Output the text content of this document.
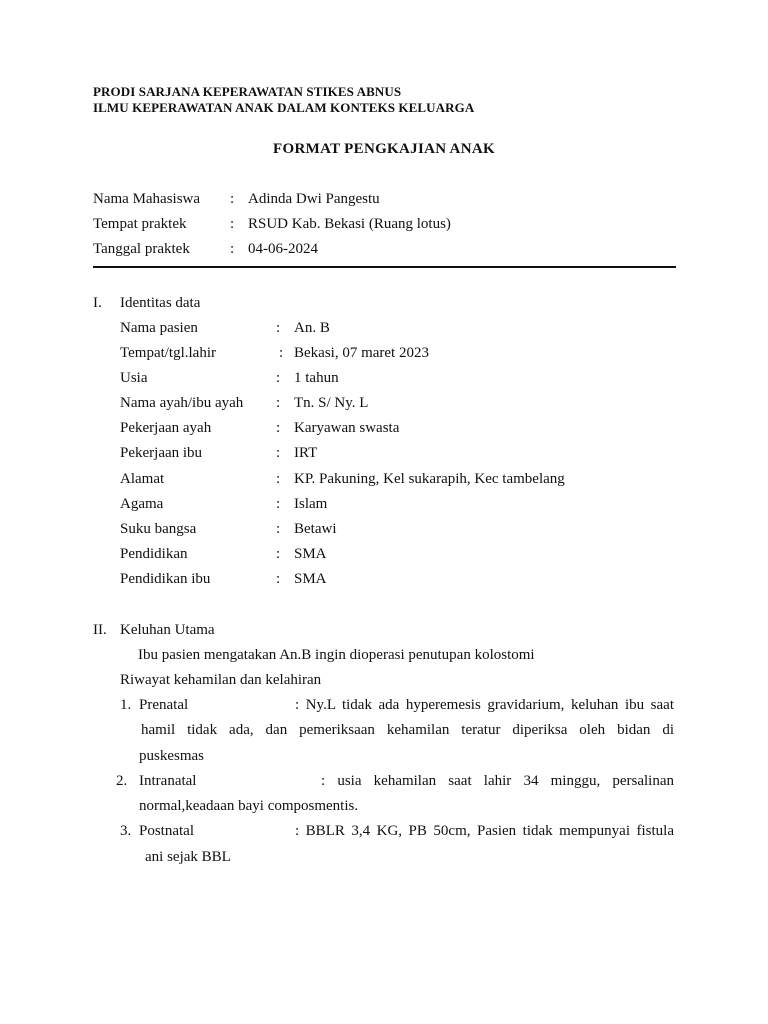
PRODI SARJANA KEPERAWATAN STIKES ABNUS
ILMU KEPERAWATAN ANAK DALAM KONTEKS KELUARGA
FORMAT PENGKAJIAN ANAK
Nama Mahasiswa : Adinda Dwi Pangestu
Tempat praktek	: RSUD Kab. Bekasi (Ruang lotus)
Tanggal praktek	: 04-06-2024
I. Identitas data
Nama pasien	: An. B
Tempat/tgl.lahir	: Bekasi, 07 maret 2023
Usia	: 1 tahun
Nama ayah/ibu ayah : Tn. S/ Ny. L
Pekerjaan ayah	: Karyawan swasta
Pekerjaan ibu	: IRT
Alamat	: KP. Pakuning, Kel sukarapih, Kec tambelang
Agama	: Islam
Suku bangsa	: Betawi
Pendidikan	: SMA
Pendidikan ibu	: SMA
II. Keluhan Utama
Ibu pasien mengatakan An.B ingin dioperasi penutupan kolostomi
Riwayat kehamilan dan kelahiran
1. Prenatal	: Ny.L tidak ada hyperemesis gravidarium, keluhan ibu saat
hamil tidak ada, dan pemeriksaan kehamilan teratur diperiksa oleh bidan di
puskesmas
2. Intranatal	: usia kehamilan saat lahir 34 minggu, persalinan
normal,keadaan bayi composmentis.
3. Postnatal	: BBLR 3,4 KG, PB 50cm, Pasien tidak mempunyai fistula
ani sejak BBL
